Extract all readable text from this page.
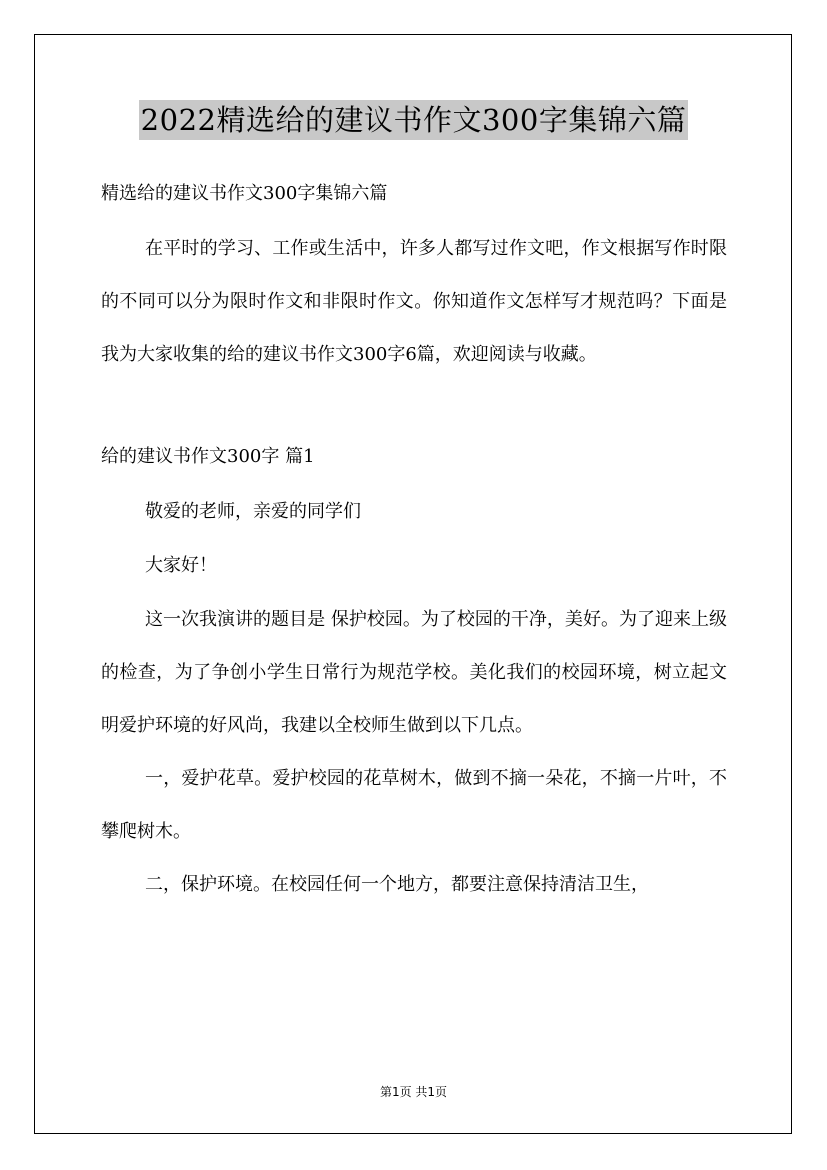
2022精选给的建议书作文300字集锦六篇
精选给的建议书作文300字集锦六篇
在平时的学习、工作或生活中，许多人都写过作文吧，作文根据写作时限的不同可以分为限时作文和非限时作文。你知道作文怎样写才规范吗？下面是我为大家收集的给的建议书作文300字6篇，欢迎阅读与收藏。
给的建议书作文300字 篇1
敬爱的老师，亲爱的同学们
大家好！
这一次我演讲的题目是 保护校园。为了校园的干净，美好。为了迎来上级的检查，为了争创小学生日常行为规范学校。美化我们的校园环境，树立起文明爱护环境的好风尚，我建以全校师生做到以下几点。
一，爱护花草。爱护校园的花草树木，做到不摘一朵花，不摘一片叶，不攀爬树木。
二，保护环境。在校园任何一个地方，都要注意保持清洁卫生，
第1页 共1页
